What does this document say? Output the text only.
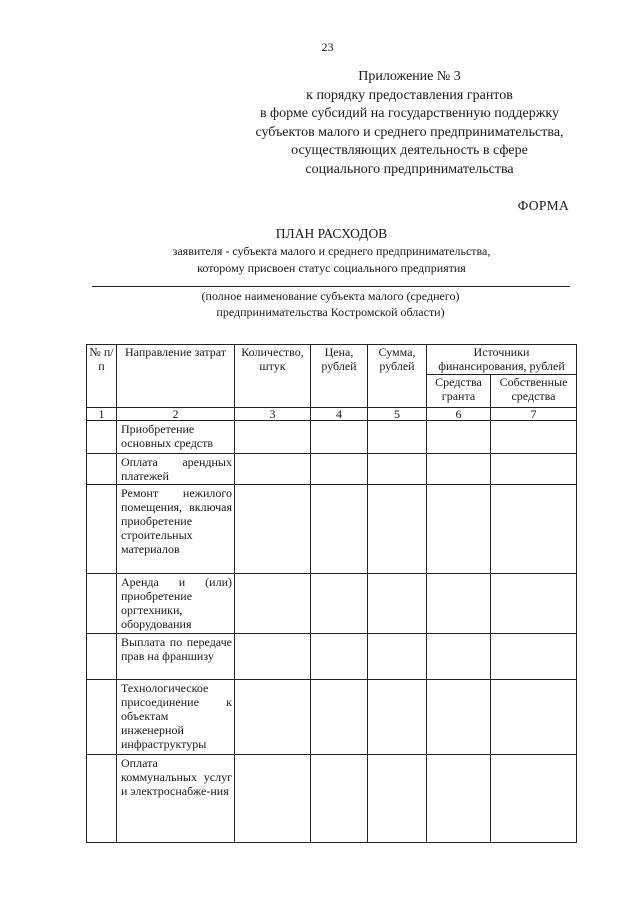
23
Приложение № 3
к порядку предоставления грантов
в форме субсидий на государственную поддержку
субъектов малого и среднего предпринимательства,
осуществляющих деятельность в сфере
социального предпринимательства
ФОРМА
ПЛАН РАСХОДОВ
заявителя - субъекта малого и среднего предпринимательства,
которому присвоен статус социального предприятия
(полное наименование субъекта малого (среднего)
предпринимательства Костромской области)
№ п/п	Направление затрат	Количество, штук	Цена, рублей	Сумма, рублей	Источники финансирования, рублей	
					Средства гранта	Собственные средства
1	2	3	4	5	6	7
	Приобретение основных средств					
	Оплата арендных платежей					
	Ремонт нежилого помещения, включая приобретение строительных материалов					
	Аренда и (или) приобретение оргтехники, оборудования					
	Выплата по передаче прав на франшизу					
	Технологическое присоединение к объектам инженерной инфраструктуры					
	Оплата коммунальных услуг и электроснабже-ния					
